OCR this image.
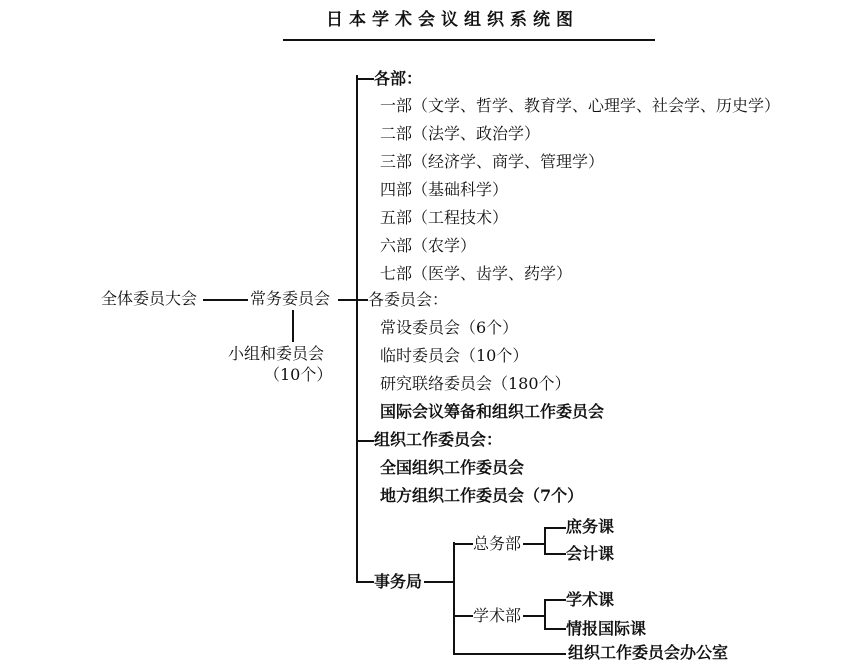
日本学术会议组织系统图
全体委员大会	常务委员会
小组和委员会
（10个）
各部：
一部（文学、哲学、教育学、心理学、社会学、历史学）
二部（法学、政治学）
三部（经济学、商学、管理学）
四部（基础科学）
五部（工程技术）
六部（农学）
七部（医学、齿学、药学）
各委员会：
常设委员会（6个）
临时委员会（10个）
研究联络委员会（180个）
国际会议筹备和组织工作委员会
组织工作委员会：
全国组织工作委员会
地方组织工作委员会（7个）
事务局
总务部
庶务课
会计课
学术部
学术课
情报国际课
组织工作委员会办公室
